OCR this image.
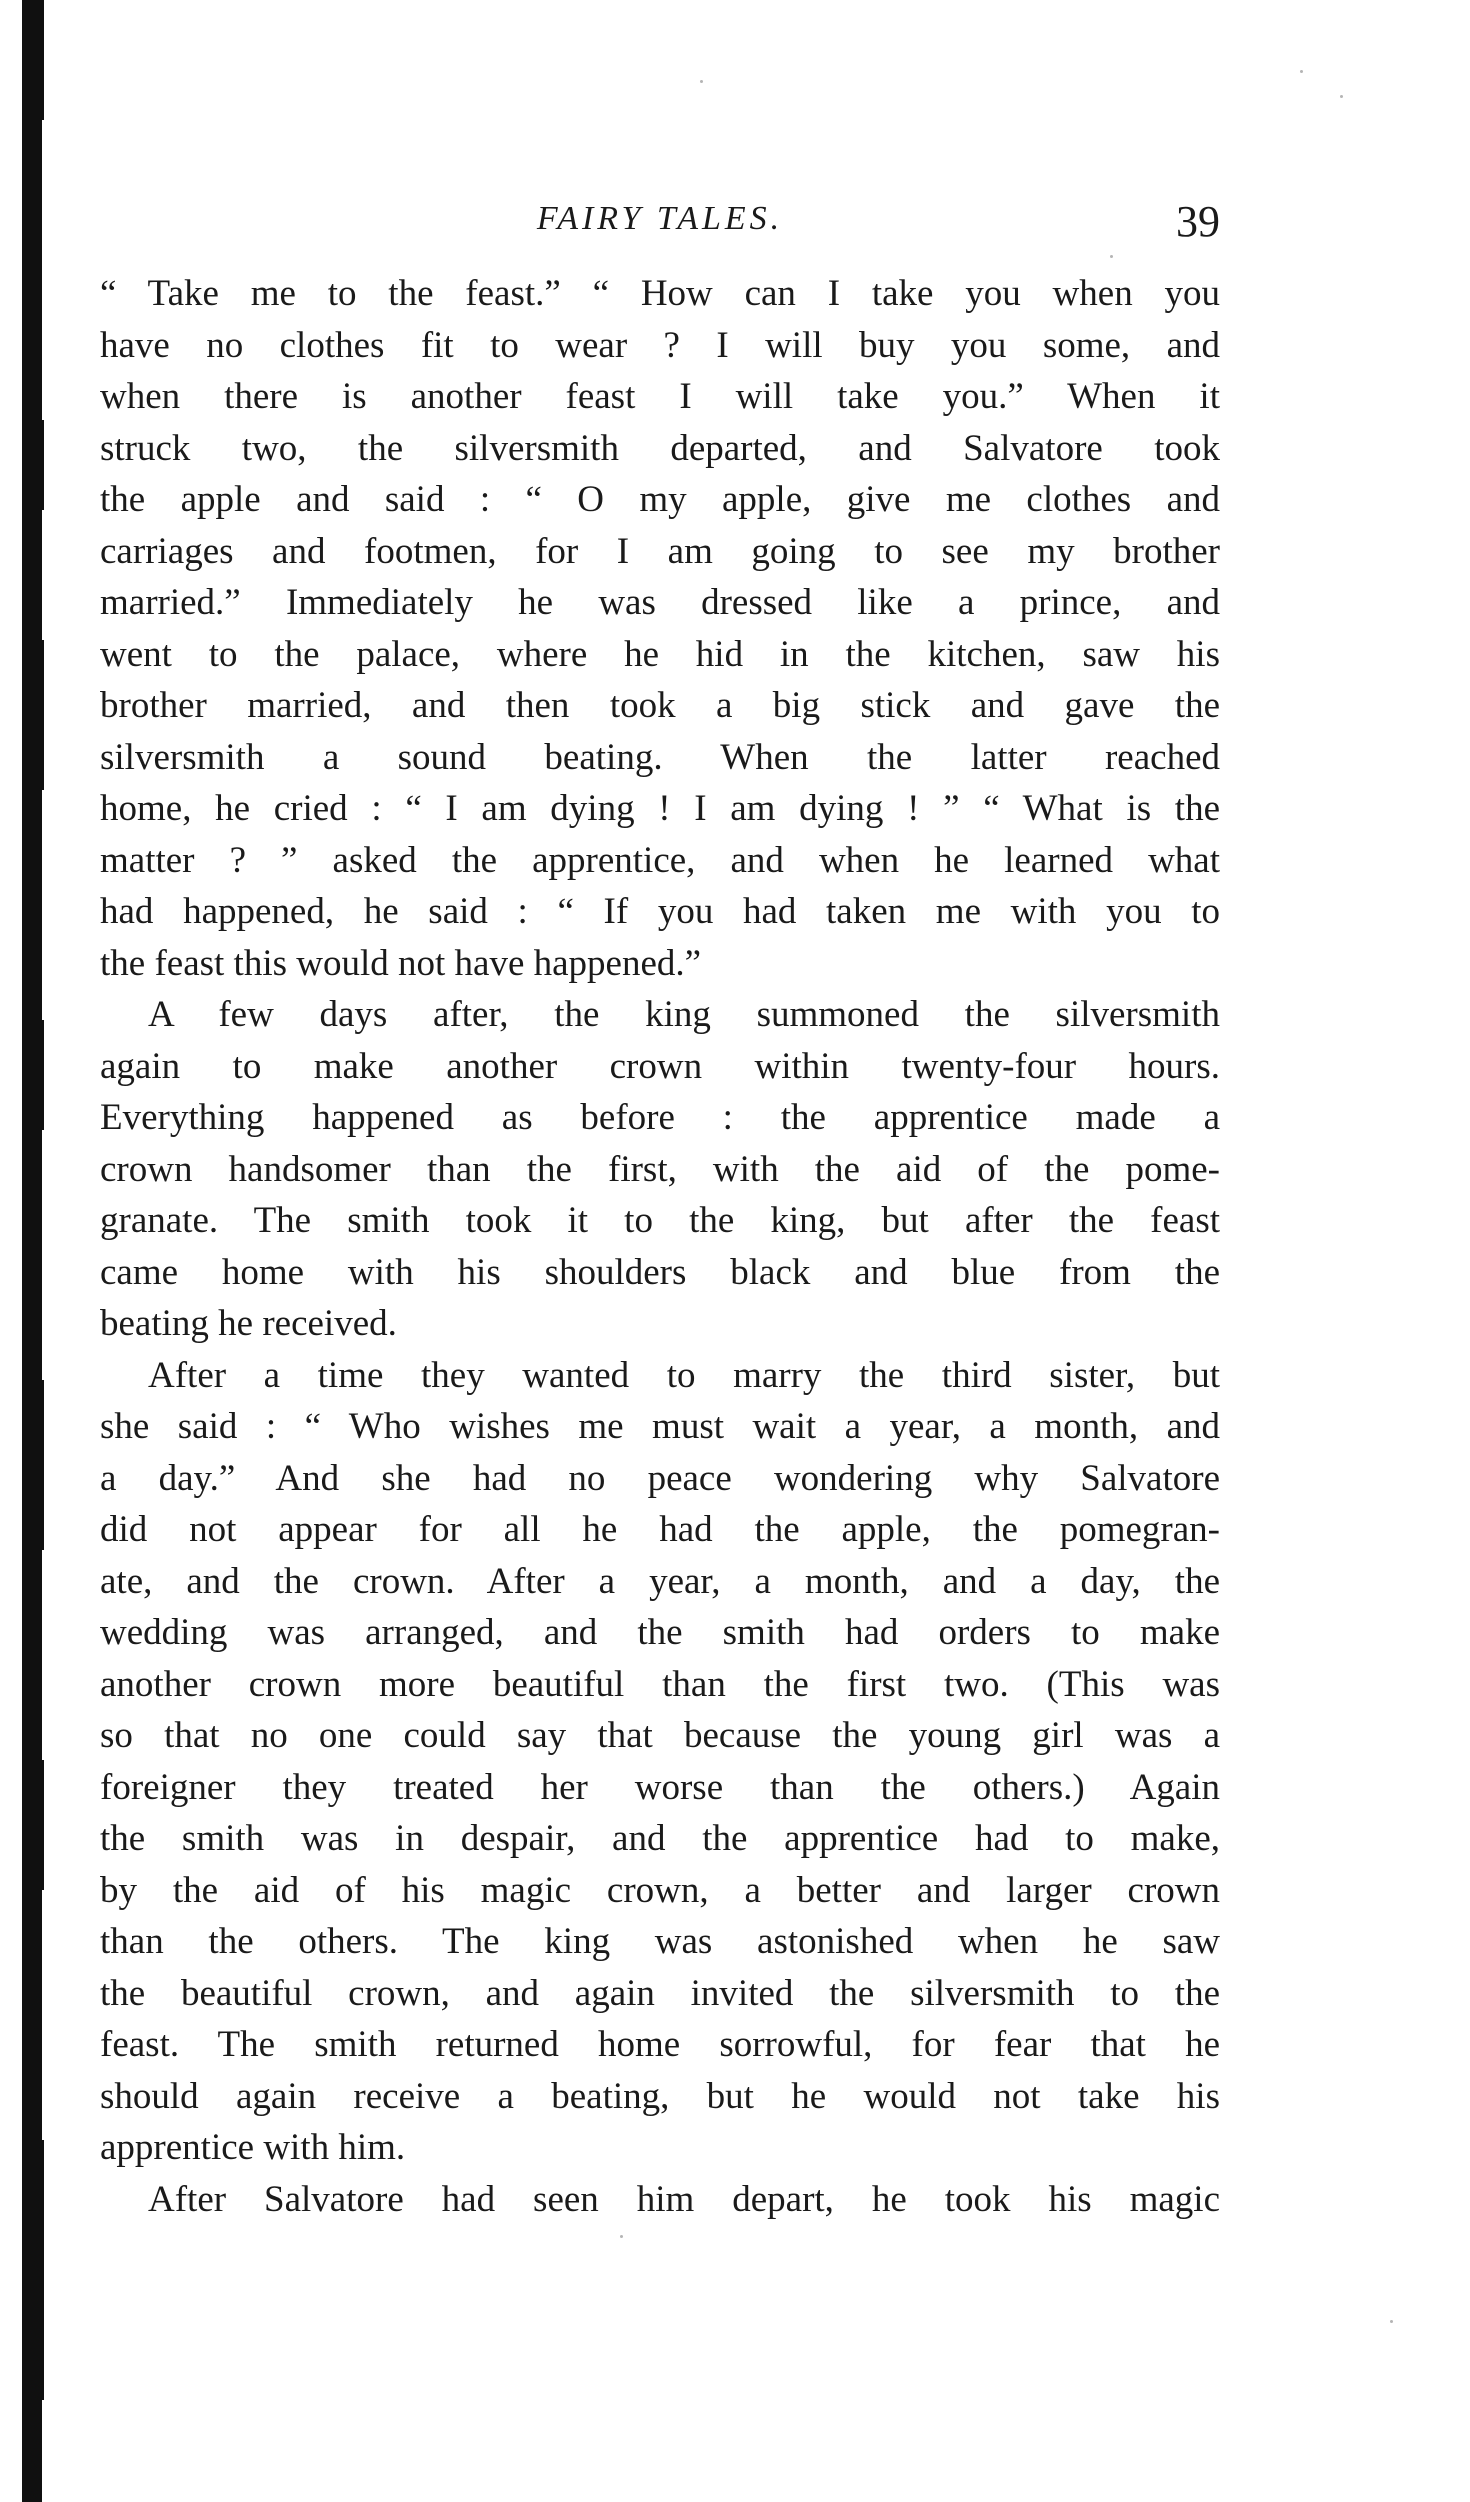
FAIRY TALES.	39
“ Take me to the feast.” “ How can I take you when you
have no clothes fit to wear ? I will buy you some, and
when there is another feast I will take you.” When it
struck two, the silversmith departed, and Salvatore took
the apple and said : “ O my apple, give me clothes and
carriages and footmen, for I am going to see my brother
married.” Immediately he was dressed like a prince, and
went to the palace, where he hid in the kitchen, saw his
brother married, and then took a big stick and gave the
silversmith a sound beating. When the latter reached
home, he cried : “ I am dying ! I am dying ! ” “ What is the
matter ? ” asked the apprentice, and when he learned what
had happened, he said : “ If you had taken me with you to
the feast this would not have happened.”
A few days after, the king summoned the silversmith
again to make another crown within twenty-four hours.
Everything happened as before : the apprentice made a
crown handsomer than the first, with the aid of the pome-
granate. The smith took it to the king, but after the feast
came home with his shoulders black and blue from the
beating he received.
After a time they wanted to marry the third sister, but
she said : “ Who wishes me must wait a year, a month, and
a day.” And she had no peace wondering why Salvatore
did not appear for all he had the apple, the pomegran-
ate, and the crown. After a year, a month, and a day, the
wedding was arranged, and the smith had orders to make
another crown more beautiful than the first two. (This was
so that no one could say that because the young girl was a
foreigner they treated her worse than the others.) Again
the smith was in despair, and the apprentice had to make,
by the aid of his magic crown, a better and larger crown
than the others. The king was astonished when he saw
the beautiful crown, and again invited the silversmith to the
feast. The smith returned home sorrowful, for fear that he
should again receive a beating, but he would not take his
apprentice with him.
After Salvatore had seen him depart, he took his magic
